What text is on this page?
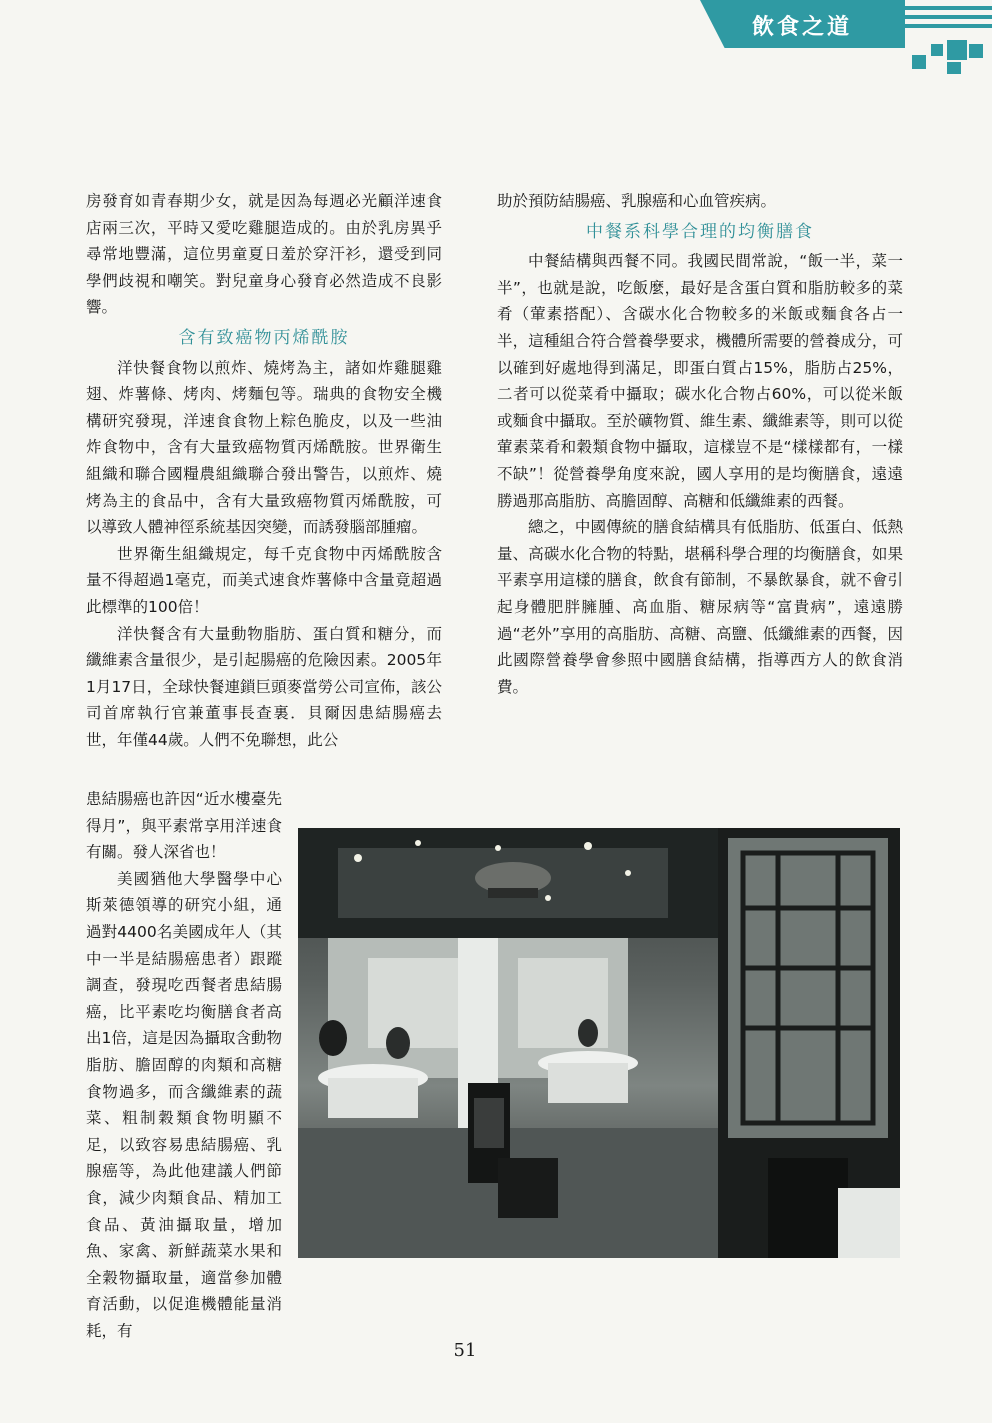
飲食之道

房發育如青春期少女，就是因為每週必光顧洋速食店兩三次，平時又愛吃雞腿造成的。由於乳房異乎尋常地豐滿，這位男童夏日羞於穿汗衫，還受到同學們歧視和嘲笑。對兒童身心發育必然造成不良影響。

含有致癌物丙烯酰胺

洋快餐食物以煎炸、燒烤為主，諸如炸雞腿雞翅、炸薯條、烤肉、烤麵包等。瑞典的食物安全機構研究發現，洋速食食物上粽色脆皮，以及一些油炸食物中，含有大量致癌物質丙烯酰胺。世界衛生組織和聯合國糧農組織聯合發出警告，以煎炸、燒烤為主的食品中，含有大量致癌物質丙烯酰胺，可以導致人體神徑系統基因突變，而誘發腦部腫瘤。

世界衛生組織規定，每千克食物中丙烯酰胺含量不得超過1毫克，而美式速食炸薯條中含量竟超過此標準的100倍！

洋快餐含有大量動物脂肪、蛋白質和糖分，而纖維素含量很少，是引起腸癌的危險因素。2005年1月17日，全球快餐連鎖巨頭麥當勞公司宣佈，該公司首席執行官兼董事長查裏．貝爾因患結腸癌去世，年僅44歲。人們不免聯想，此公

患結腸癌也許因“近水樓臺先得月”，與平素常享用洋速食有關。發人深省也！

美國猶他大學醫學中心斯萊德領導的研究小組，通過對4400名美國成年人（其中一半是結腸癌患者）跟蹤調查，發現吃西餐者患結腸癌，比平素吃均衡膳食者高出1倍，這是因為攝取含動物脂肪、膽固醇的肉類和高糖食物過多，而含纖維素的蔬菜、粗制穀類食物明顯不足，以致容易患結腸癌、乳腺癌等，為此他建議人們節食，減少肉類食品、精加工食品、黃油攝取量，增加魚、家禽、新鮮蔬菜水果和全穀物攝取量，適當參加體育活動，以促進機體能量消耗，有

助於預防結腸癌、乳腺癌和心血管疾病。

中餐系科學合理的均衡膳食

中餐結構與西餐不同。我國民間常說，“飯一半，菜一半”，也就是說，吃飯麼，最好是含蛋白質和脂肪較多的菜肴（葷素搭配）、含碳水化合物較多的米飯或麵食各占一半，這種組合符合營養學要求，機體所需要的營養成分，可以確到好處地得到滿足，即蛋白質占15%，脂肪占25%，二者可以從菜肴中攝取；碳水化合物占60%，可以從米飯或麵食中攝取。至於礦物質、維生素、纖維素等，則可以從葷素菜肴和穀類食物中攝取，這樣豈不是“樣樣都有，一樣不缺”！從營養學角度來說，國人享用的是均衡膳食，遠遠勝過那高脂肪、高膽固醇、高糖和低纖維素的西餐。

總之，中國傳統的膳食結構具有低脂肪、低蛋白、低熱量、高碳水化合物的特點，堪稱科學合理的均衡膳食，如果平素享用這樣的膳食，飲食有節制，不暴飲暴食，就不會引起身體肥胖臃腫、高血脂、糖尿病等“富貴病”，遠遠勝過“老外”享用的高脂肪、高糖、高鹽、低纖維素的西餐，因此國際營養學會參照中國膳食結構，指導西方人的飲食消費。

51
